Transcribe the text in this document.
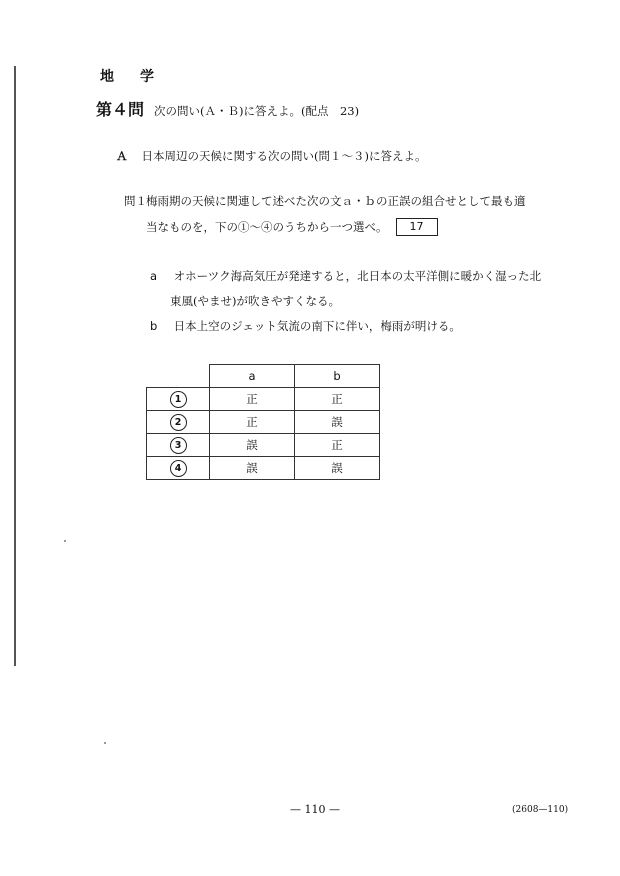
地　学
第４問 次の問い(Ａ・Ｂ)に答えよ。(配点　23)
Ａ 日本周辺の天候に関する次の問い(問１～３)に答えよ。
問１ 梅雨期の天候に関連して述べた次の文ａ・ｂの正誤の組合せとして最も適
当なものを，下の①～④のうちから一つ選べ。	17
a オホーツク海高気圧が発達すると，北日本の太平洋側に暖かく湿った北
東風(やませ)が吹きやすくなる。
b 日本上空のジェット気流の南下に伴い，梅雨が明ける。
	a	b
1	正	正
2	正	誤
3	誤	正
4	誤	誤
— 110 —	(2608—110)
